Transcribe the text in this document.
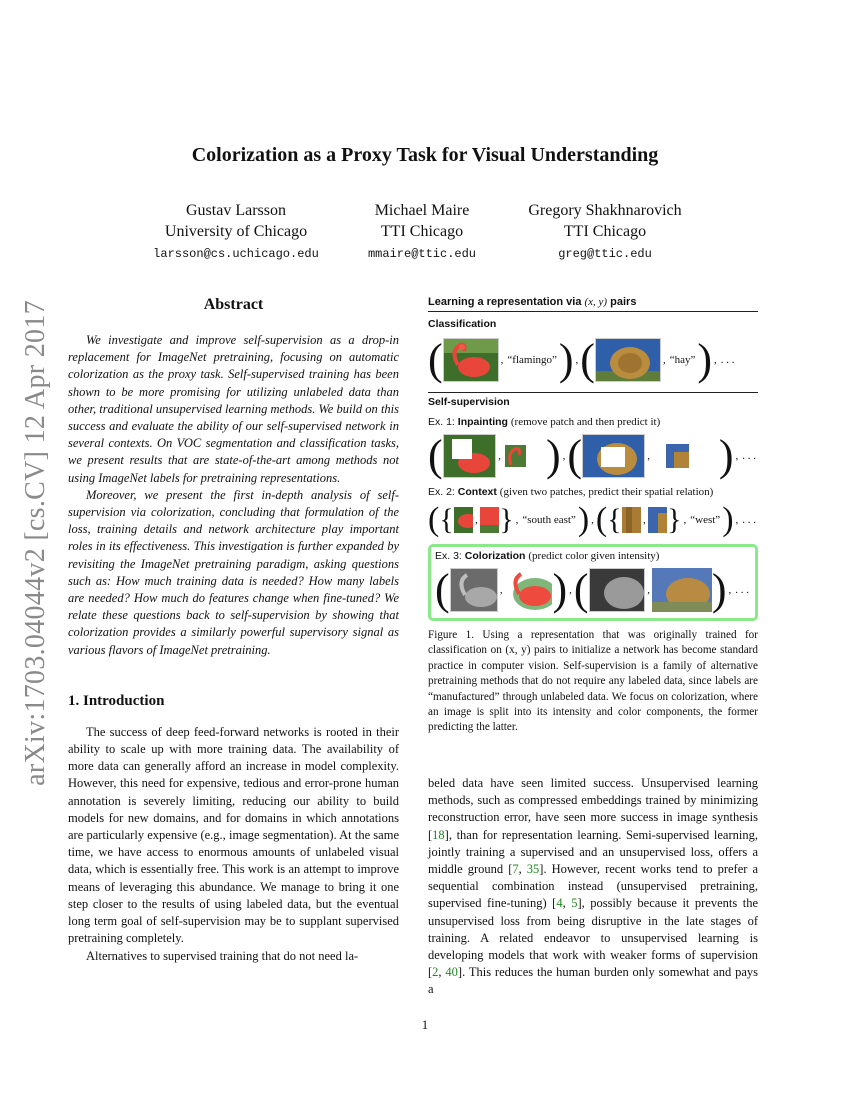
arXiv:1703.04044v2 [cs.CV] 12 Apr 2017
Colorization as a Proxy Task for Visual Understanding
Gustav Larsson
University of Chicago
larsson@cs.uchicago.edu
Michael Maire
TTI Chicago
mmaire@ttic.edu
Gregory Shakhnarovich
TTI Chicago
greg@ttic.edu
Abstract

We investigate and improve self-supervision as a drop-in replacement for ImageNet pretraining, focusing on automatic colorization as the proxy task. Self-supervised training has been shown to be more promising for utilizing unlabeled data than other, traditional unsupervised learning methods. We build on this success and evaluate the ability of our self-supervised network in several contexts. On VOC segmentation and classification tasks, we present results that are state-of-the-art among methods not using ImageNet labels for pretraining representations.

Moreover, we present the first in-depth analysis of self-supervision via colorization, concluding that formulation of the loss, training details and network architecture play important roles in its effectiveness. This investigation is further expanded by revisiting the ImageNet pretraining paradigm, asking questions such as: How much training data is needed? How many labels are needed? How much do features change when fine-tuned? We relate these questions back to self-supervision by showing that colorization provides a similarly powerful supervisory signal as various flavors of ImageNet pretraining.

1. Introduction

The success of deep feed-forward networks is rooted in their ability to scale up with more training data. The availability of more data can generally afford an increase in model complexity. However, this need for expensive, tedious and error-prone human annotation is severely limiting, reducing our ability to build models for new domains, and for domains in which annotations are particularly expensive (e.g., image segmentation). At the same time, we have access to enormous amounts of unlabeled visual data, which is essentially free. This work is an attempt to improve means of leveraging this abundance. We manage to bring it one step closer to the results of using labeled data, but the eventual long term goal of self-supervision may be to supplant supervised pretraining completely.

Alternatives to supervised training that do not need la-

Learning a representation via (x, y) pairs
Classification
(	, “flamingo” ) , (	, “hay” ) , . . .
Self-supervision
Ex. 1: Inpainting (remove patch and then predict it)
(	, ) , (	, ) , . . .
Ex. 2: Context (given two patches, predict their spatial relation)
( { , } , “south east” ) , ( { , } , “west” ) , . . .
Ex. 3: Colorization (predict color given intensity)
(	, ) , (	, ) , . . .
Figure 1. Using a representation that was originally trained for classification on (x, y) pairs to initialize a network has become standard practice in computer vision. Self-supervision is a family of alternative pretraining methods that do not require any labeled data, since labels are “manufactured” through unlabeled data. We focus on colorization, where an image is split into its intensity and color components, the former predicting the latter.

beled data have seen limited success. Unsupervised learning methods, such as compressed embeddings trained by minimizing reconstruction error, have seen more success in image synthesis [18], than for representation learning. Semi-supervised learning, jointly training a supervised and an unsupervised loss, offers a middle ground [7, 35]. However, recent works tend to prefer a sequential combination instead (unsupervised pretraining, supervised fine-tuning) [4, 5], possibly because it prevents the unsupervised loss from being disruptive in the late stages of training. A related endeavor to unsupervised learning is developing models that work with weaker forms of supervision [2, 40]. This reduces the human burden only somewhat and pays a

1
